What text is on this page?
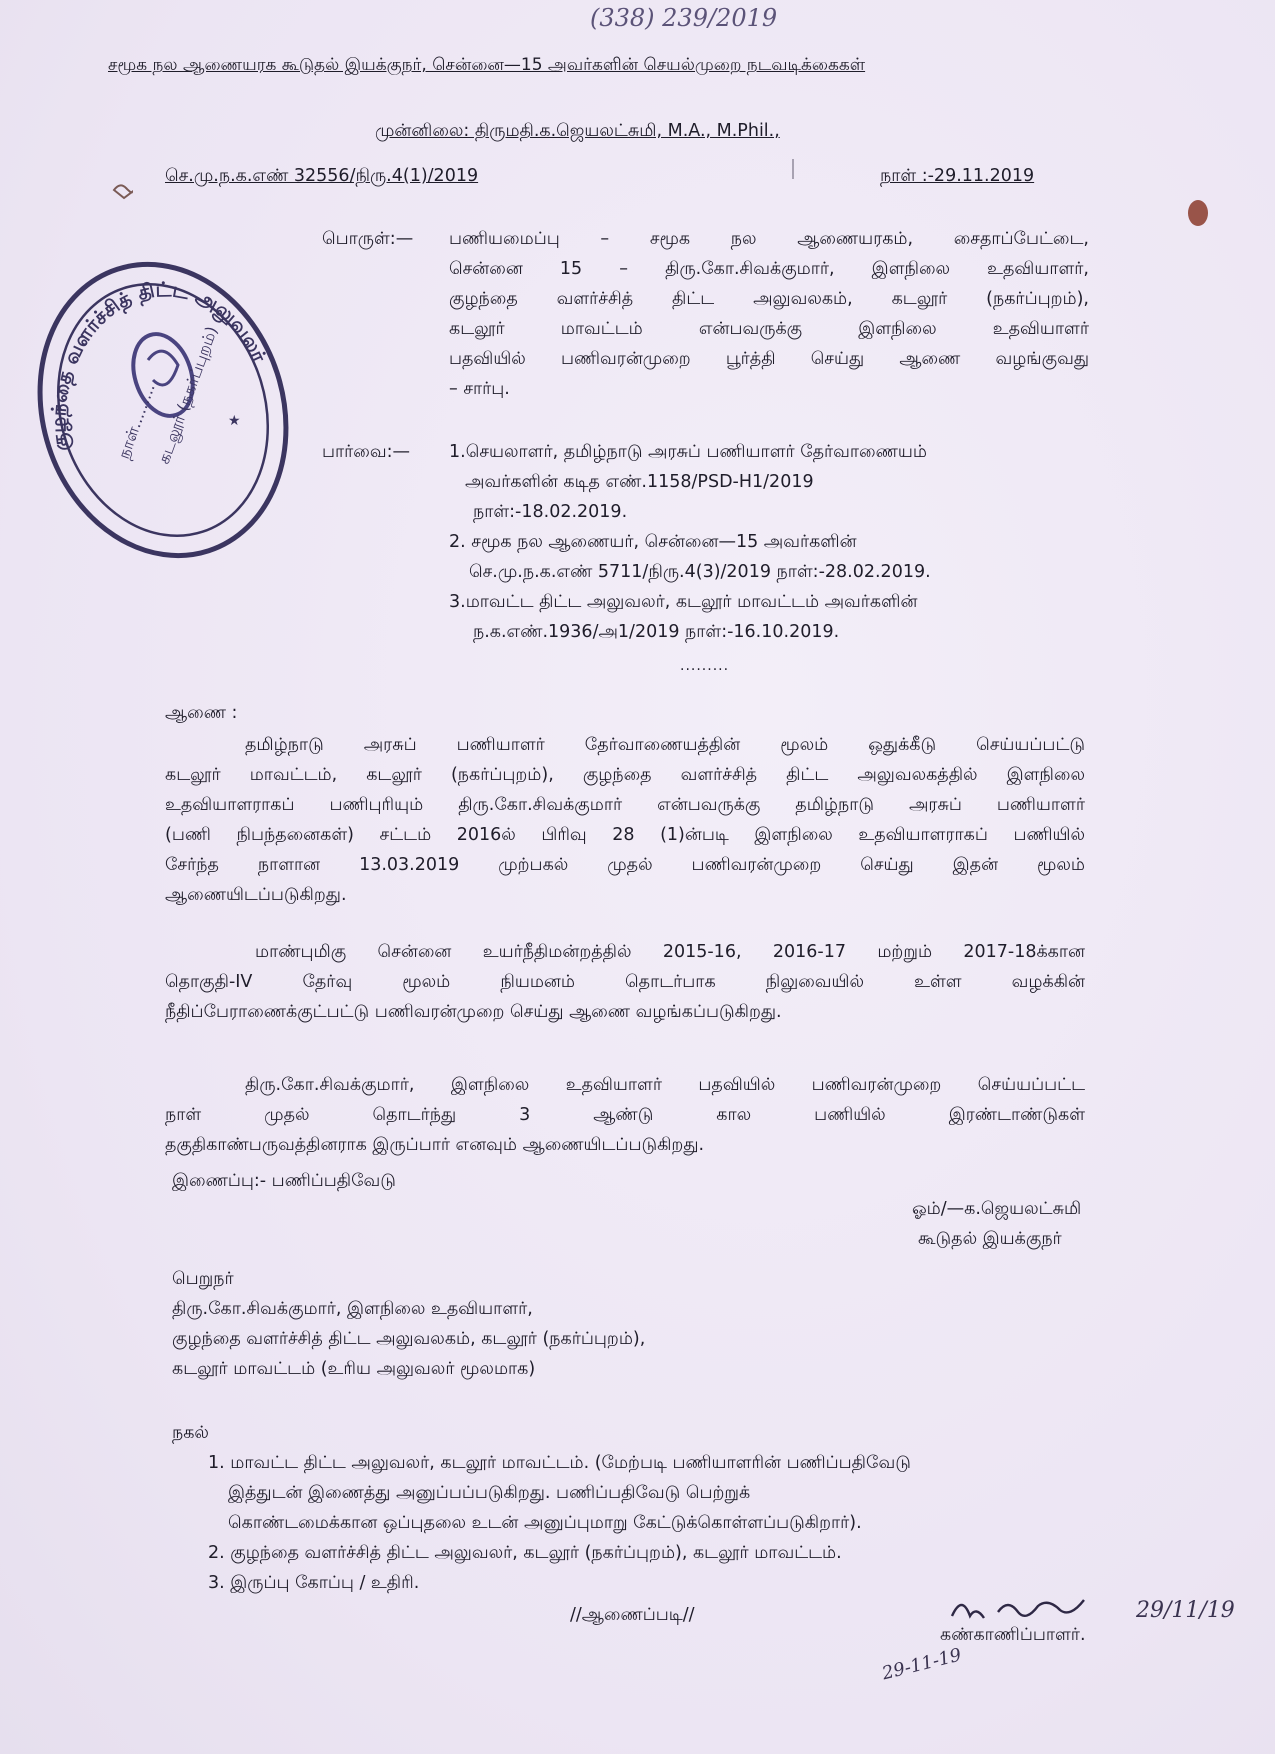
(338) 239/2019
சமூக நல ஆணையரக கூடுதல் இயக்குநர், சென்னை—15 அவர்களின் செயல்முறை நடவடிக்கைகள்
முன்னிலை: திருமதி.க.ஜெயலட்சுமி, M.A., M.Phil.,
செ.மு.ந.க.எண் 32556/நிரு.4(1)/2019	நாள் :-29.11.2019
குழந்தை வளர்ச்சித் திட்ட அலுவலர்
நாள்.........
கடலூர் (நகர்ப்புறம்) ★
பொருள்:— பணியமைப்பு – சமூக நல ஆணையரகம், சைதாப்பேட்டை,
சென்னை 15 – திரு.கோ.சிவக்குமார், இளநிலை உதவியாளர்,
குழந்தை வளர்ச்சித் திட்ட அலுவலகம், கடலூர் (நகர்ப்புறம்),
கடலூர் மாவட்டம் என்பவருக்கு இளநிலை உதவியாளர்
பதவியில் பணிவரன்முறை பூர்த்தி செய்து ஆணை வழங்குவது
– சார்பு.
பார்வை:— 1.செயலாளர், தமிழ்நாடு அரசுப் பணியாளர் தேர்வாணையம்
அவர்களின் கடித எண்.1158/PSD-H1/2019
நாள்:-18.02.2019.
2. சமூக நல ஆணையர், சென்னை—15 அவர்களின்
செ.மு.ந.க.எண் 5711/நிரு.4(3)/2019 நாள்:-28.02.2019.
3.மாவட்ட திட்ட அலுவலர், கடலூர் மாவட்டம் அவர்களின்
ந.க.எண்.1936/அ1/2019 நாள்:-16.10.2019.
.........
ஆணை :
தமிழ்நாடு அரசுப் பணியாளர் தேர்வாணையத்தின் மூலம் ஒதுக்கீடு செய்யப்பட்டு
கடலூர் மாவட்டம், கடலூர் (நகர்ப்புறம்), குழந்தை வளர்ச்சித் திட்ட அலுவலகத்தில் இளநிலை
உதவியாளராகப் பணிபுரியும் திரு.கோ.சிவக்குமார் என்பவருக்கு தமிழ்நாடு அரசுப் பணியாளர்
(பணி நிபந்தனைகள்) சட்டம் 2016ல் பிரிவு 28 (1)ன்படி இளநிலை உதவியாளராகப் பணியில்
சேர்ந்த நாளான 13.03.2019 முற்பகல் முதல் பணிவரன்முறை செய்து இதன் மூலம்
ஆணையிடப்படுகிறது.
மாண்புமிகு சென்னை உயர்நீதிமன்றத்தில் 2015-16, 2016-17 மற்றும் 2017-18க்கான
தொகுதி-IV தேர்வு மூலம் நியமனம் தொடர்பாக நிலுவையில் உள்ள வழக்கின்
நீதிப்பேராணைக்குட்பட்டு பணிவரன்முறை செய்து ஆணை வழங்கப்படுகிறது.
திரு.கோ.சிவக்குமார், இளநிலை உதவியாளர் பதவியில் பணிவரன்முறை செய்யப்பட்ட
நாள் முதல் தொடர்ந்து 3 ஆண்டு கால பணியில் இரண்டாண்டுகள்
தகுதிகாண்பருவத்தினராக இருப்பார் எனவும் ஆணையிடப்படுகிறது.
இணைப்பு:- பணிப்பதிவேடு
ஓம்/—க.ஜெயலட்சுமி
கூடுதல் இயக்குநர்
பெறுநர்
திரு.கோ.சிவக்குமார், இளநிலை உதவியாளர்,
குழந்தை வளர்ச்சித் திட்ட அலுவலகம், கடலூர் (நகர்ப்புறம்),
கடலூர் மாவட்டம் (உரிய அலுவலர் மூலமாக)
நகல்
1. மாவட்ட திட்ட அலுவலர், கடலூர் மாவட்டம். (மேற்படி பணியாளரின் பணிப்பதிவேடு
இத்துடன் இணைத்து அனுப்பப்படுகிறது. பணிப்பதிவேடு பெற்றுக்
கொண்டமைக்கான ஒப்புதலை உடன் அனுப்புமாறு கேட்டுக்கொள்ளப்படுகிறார்).
2. குழந்தை வளர்ச்சித் திட்ட அலுவலர், கடலூர் (நகர்ப்புறம்), கடலூர் மாவட்டம்.
3. இருப்பு கோப்பு / உதிரி.
//ஆணைப்படி//	29/11/19
கண்காணிப்பாளர்.
29-11-19
